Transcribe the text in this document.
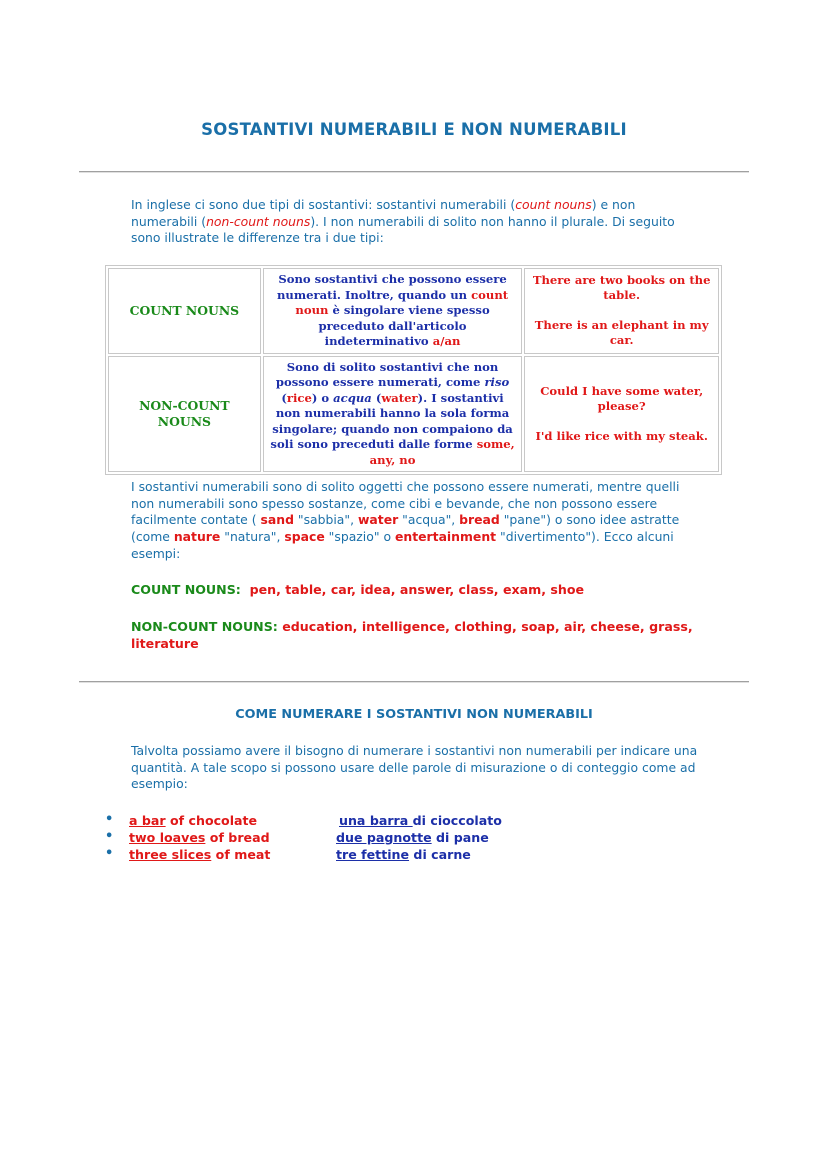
SOSTANTIVI NUMERABILI E NON NUMERABILI
In inglese ci sono due tipi di sostantivi: sostantivi numerabili (count nouns) e non numerabili (non-count nouns). I non numerabili di solito non hanno il plurale. Di seguito sono illustrate le differenze tra i due tipi:
COUNT NOUNS	Sono sostantivi che possono essere numerati. Inoltre, quando un count noun è singolare viene spesso preceduto dall'articolo indeterminativo a/an	There are two books on the table.
There is an elephant in my car.

NON-COUNT NOUNS	Sono di solito sostantivi che non possono essere numerati, come riso (rice) o acqua (water). I sostantivi non numerabili hanno la sola forma singolare; quando non compaiono da soli sono preceduti dalle forme some, any, no	Could I have some water, please?
I'd like rice with my steak.
I sostantivi numerabili sono di solito oggetti che possono essere numerati, mentre quelli non numerabili sono spesso sostanze, come cibi e bevande, che non possono essere facilmente contate ( sand "sabbia", water "acqua", bread "pane") o sono idee astratte (come nature "natura", space "spazio" o entertainment "divertimento"). Ecco alcuni esempi:
COUNT NOUNS: pen, table, car, idea, answer, class, exam, shoe
NON-COUNT NOUNS: education, intelligence, clothing, soap, air, cheese, grass, literature
COME NUMERARE I SOSTANTIVI NON NUMERABILI
Talvolta possiamo avere il bisogno di numerare i sostantivi non numerabili per indicare una quantità. A tale scopo si possono usare delle parole di misurazione o di conteggio come ad esempio:
• a bar of chocolate	una barra di cioccolato
• two loaves of bread	due pagnotte di pane
• three slices of meat	tre fettine di carne
